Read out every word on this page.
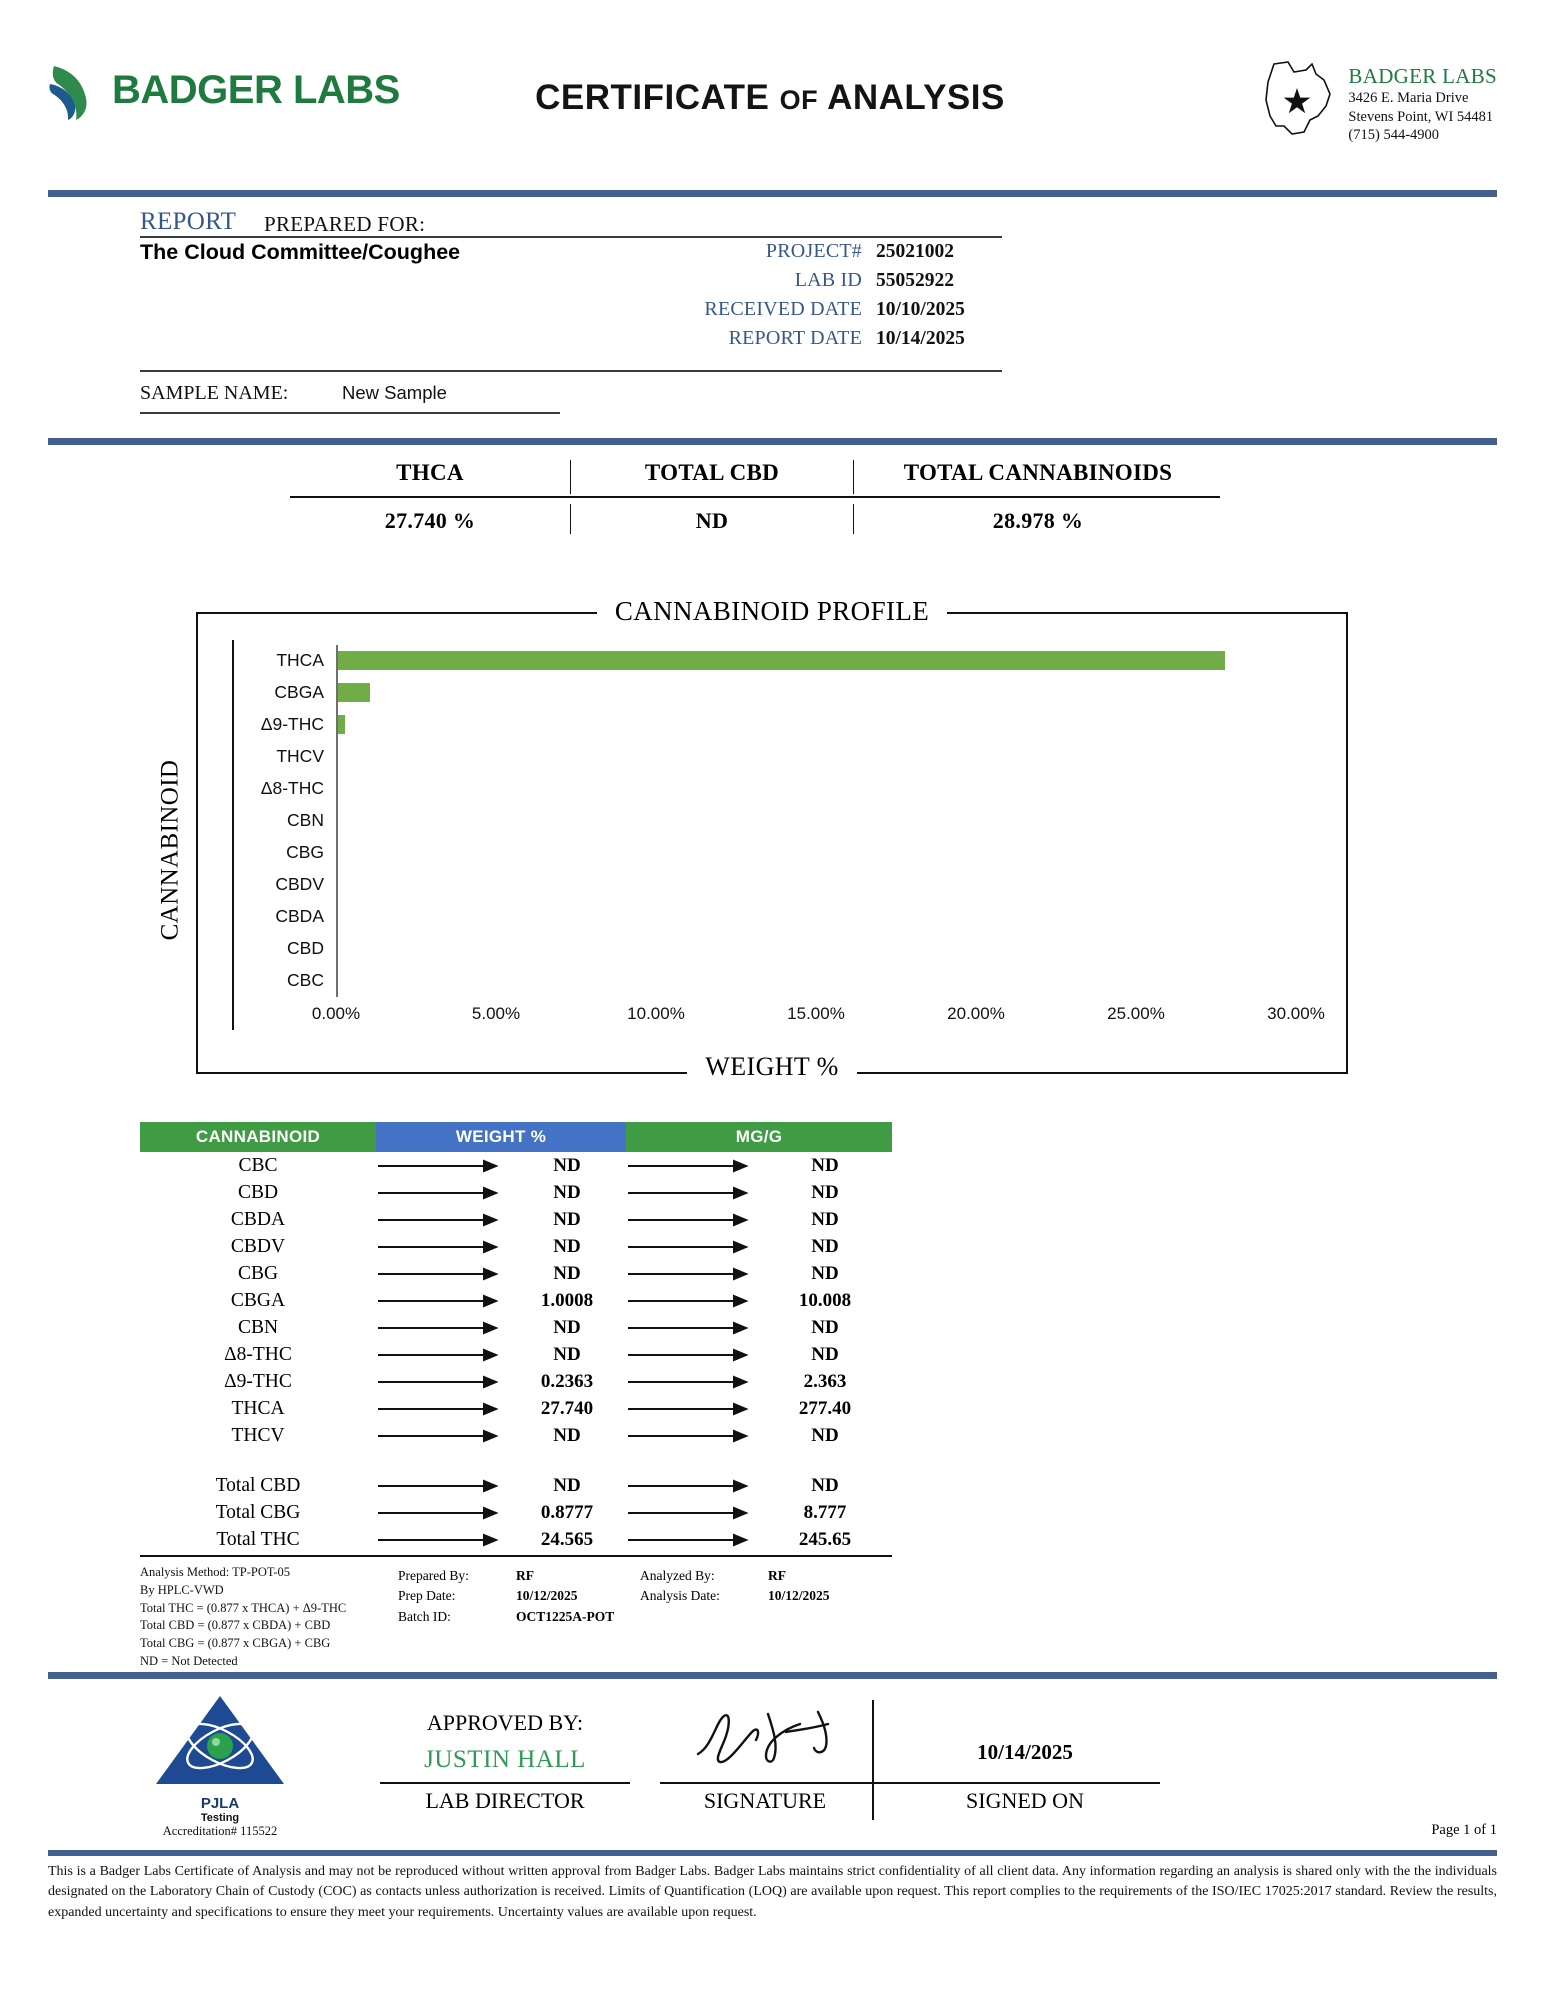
BADGER LABS	CERTIFICATE OF ANALYSIS
BADGER LABS
3426 E. Maria Drive
Stevens Point, WI 54481
(715) 544-4900
REPORT PREPARED FOR:
The Cloud Committee/Coughee	PROJECT# 25021002
LAB ID 55052922
RECEIVED DATE 10/10/2025
REPORT DATE 10/14/2025
SAMPLE NAME:	New Sample
THCA	TOTAL CBD	TOTAL CANNABINOIDS
27.740 %	ND	28.978 %
CANNABINOID PROFILE
CANNABINOID
THCA
CBGA
Δ9-THC
THCV
Δ8-THC
CBN
CBG
CBDV
CBDA
CBD
CBC
0.00%	5.00%	10.00%	15.00%	20.00%	25.00%	30.00%
WEIGHT %
CANNABINOID	WEIGHT %	MG/G
CBC	ND	ND
CBD	ND	ND
CBDA	ND	ND
CBDV	ND	ND
CBG	ND	ND
CBGA	1.0008	10.008
CBN	ND	ND
Δ8-THC	ND	ND
Δ9-THC	0.2363	2.363
THCA	27.740	277.40
THCV	ND	ND
Total CBD	ND	ND
Total CBG	0.8777	8.777
Total THC	24.565	245.65
Analysis Method: TP-POT-05
By HPLC-VWD
Total THC = (0.877 x THCA) + Δ9-THC
Total CBD = (0.877 x CBDA) + CBD
Total CBG = (0.877 x CBGA) + CBG
ND = Not Detected
Prepared By:	RF
Prep Date:	10/12/2025
Batch ID:	OCT1225A-POT
Analyzed By:	RF
Analysis Date:	10/12/2025
PJLA
Testing
Accreditation# 115522
APPROVED BY:
JUSTIN HALL
LAB DIRECTOR	SIGNATURE
10/14/2025
SIGNED ON
Page 1 of 1
This is a Badger Labs Certificate of Analysis and may not be reproduced without written approval from Badger Labs. Badger Labs maintains strict confidentiality of all client data. Any information regarding an analysis is shared only with the the individuals designated on the Laboratory Chain of Custody (COC) as contacts unless authorization is received. Limits of Quantification (LOQ) are available upon request. This report complies to the requirements of the ISO/IEC 17025:2017 standard. Review the results, expanded uncertainty and specifications to ensure they meet your requirements. Uncertainty values are available upon request.
